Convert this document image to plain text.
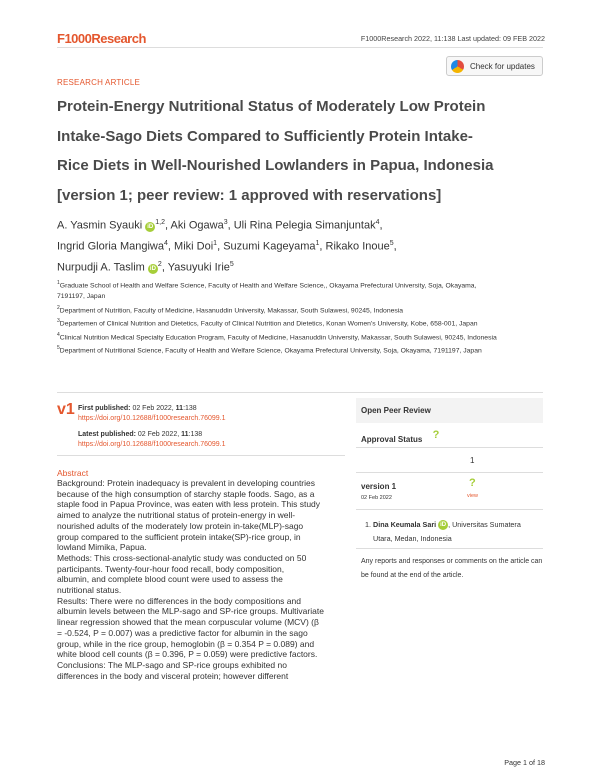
F1000Research	F1000Research 2022, 11:138 Last updated: 09 FEB 2022
RESEARCH ARTICLE
Check for updates
Protein-Energy Nutritional Status of Moderately Low Protein
Intake-Sago Diets Compared to Sufficiently Protein Intake-
Rice Diets in Well-Nourished Lowlanders in Papua, Indonesia
[version 1; peer review: 1 approved with reservations]
A. Yasmin Syauki iD$^{1,2}$, Aki Ogawa$^3$, Uli Rina Pelegia Simanjuntak$^4$,
Ingrid Gloria Mangiwa$^4$, Miki Doi$^1$, Suzumi Kageyama$^1$, Rikako Inoue$^5$,
Nurpudji A. Taslim $iD^2$, Yasuyuki Irie$^5$
$^1$Graduate School of Health and Welfare Science, Faculty of Health and Welfare Science,, Okayama Prefectural University, Soja, Okayama, 7191197, Japan
$^2$Department of Nutrition, Faculty of Medicine, Hasanuddin University, Makassar, South Sulawesi, 90245, Indonesia
$^3$Departemen of Clinical Nutrition and Dietetics, Faculty of Clinical Nutrition and Dietetics, Konan Women's University, Kobe, 658-001, Japan
$^4$Clinical Nutrition Medical Specialty Education Program, Faculty of Medicine, Hasanuddin University, Makassar, South Sulawesi, 90245, Indonesia
$^5$Department of Nutritional Science, Faculty of Health and Welfare Science, Okayama Prefectural University, Soja, Okayama, 7191197, Japan
v1 First published: 02 Feb 2022, 11:138
https://doi.org/10.12688/f1000research.76099.1
Latest published: 02 Feb 2022, 11:138
https://doi.org/10.12688/f1000research.76099.1
Abstract
Background: Protein inadequacy is prevalent in developing countries
because of the high consumption of starchy staple foods. Sago, as a
staple food in Papua Province, was eaten with less protein. This study
aimed to analyze the nutritional status of protein-energy in well-
nourished adults of the moderately low protein in-take(MLP)-sago
group compared to the sufficient protein intake(SP)-rice group, in
lowland Mimika, Papua.
Methods: This cross-sectional-analytic study was conducted on 50
participants. Twenty-four-hour food recall, body composition,
albumin, and complete blood count were used to assess the
nutritional status.
Results: There were no differences in the body compositions and
albumin levels between the MLP-sago and SP-rice groups. Multivariate
linear regression showed that the mean corpuscular volume (MCV) (β
= -0.524, P = 0.007) was a predictive factor for albumin in the sago
group, while in the rice group, hemoglobin (β = 0.354 P = 0.089) and
white blood cell counts (β = 0.396, P = 0.059) were predictive factors.
Conclusions: The MLP-sago and SP-rice groups exhibited no
differences in the body and visceral protein; however different
Open Peer Review
Approval Status ?
1
version 1
02 Feb 2022
?
view
1. Dina Keumala Sari iD , Universitas Sumatera
Utara, Medan, Indonesia
Any reports and responses or comments on the article can be found at the end of the article.
Page 1 of 18
